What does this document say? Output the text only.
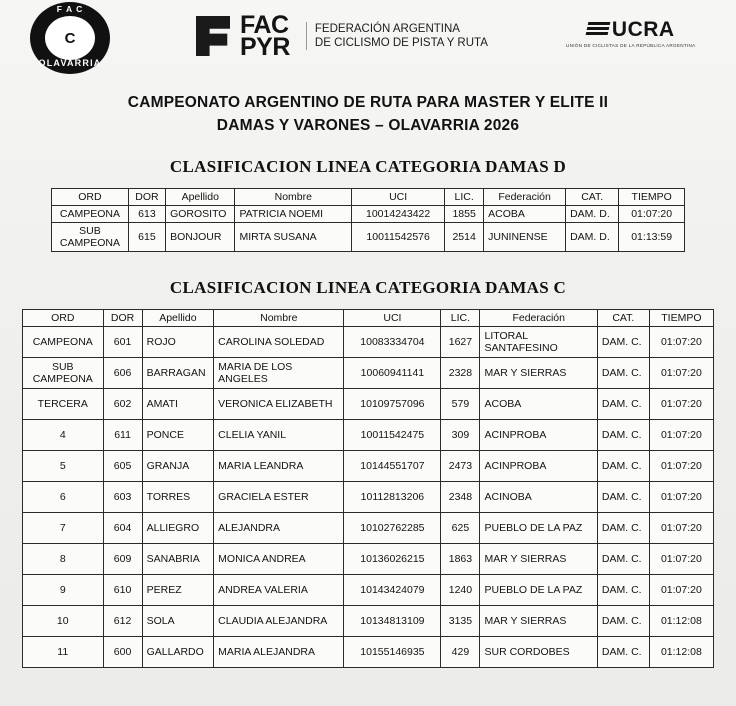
C
F A C
OLAVARRIA
FAC
PYR
FEDERACIÓN ARGENTINA
DE CICLISMO DE PISTA Y RUTA
UCRA
UNIÓN DE CICLISTAS DE LA REPÚBLICA ARGENTINA
CAMPEONATO ARGENTINO DE RUTA PARA MASTER Y ELITE II
DAMAS Y VARONES – OLAVARRIA 2026
CLASIFICACION LINEA CATEGORIA DAMAS D
ORD	DOR	Apellido	Nombre	UCI	LIC.	Federación	CAT.	TIEMPO
CAMPEONA	613	GOROSITO	PATRICIA NOEMI	10014243422	1855	ACOBA	DAM. D.	01:07:20
SUB CAMPEONA	615	BONJOUR	MIRTA SUSANA	10011542576	2514	JUNINENSE	DAM. D.	01:13:59
CLASIFICACION LINEA CATEGORIA DAMAS C
ORD	DOR	Apellido	Nombre	UCI	LIC.	Federación	CAT.	TIEMPO
CAMPEONA	601	ROJO	CAROLINA SOLEDAD	10083334704	1627	LITORAL SANTAFESINO	DAM. C.	01:07:20
SUB CAMPEONA	606	BARRAGAN	MARIA DE LOS ANGELES	10060941141	2328	MAR Y SIERRAS	DAM. C.	01:07:20
TERCERA	602	AMATI	VERONICA ELIZABETH	10109757096	579	ACOBA	DAM. C.	01:07:20
4	611	PONCE	CLELIA YANIL	10011542475	309	ACINPROBA	DAM. C.	01:07:20
5	605	GRANJA	MARIA LEANDRA	10144551707	2473	ACINPROBA	DAM. C.	01:07:20
6	603	TORRES	GRACIELA ESTER	10112813206	2348	ACINOBA	DAM. C.	01:07:20
7	604	ALLIEGRO	ALEJANDRA	10102762285	625	PUEBLO DE LA PAZ	DAM. C.	01:07:20
8	609	SANABRIA	MONICA ANDREA	10136026215	1863	MAR Y SIERRAS	DAM. C.	01:07:20
9	610	PEREZ	ANDREA VALERIA	10143424079	1240	PUEBLO DE LA PAZ	DAM. C.	01:07:20
10	612	SOLA	CLAUDIA ALEJANDRA	10134813109	3135	MAR Y SIERRAS	DAM. C.	01:12:08
11	600	GALLARDO	MARIA ALEJANDRA	10155146935	429	SUR CORDOBES	DAM. C.	01:12:08
